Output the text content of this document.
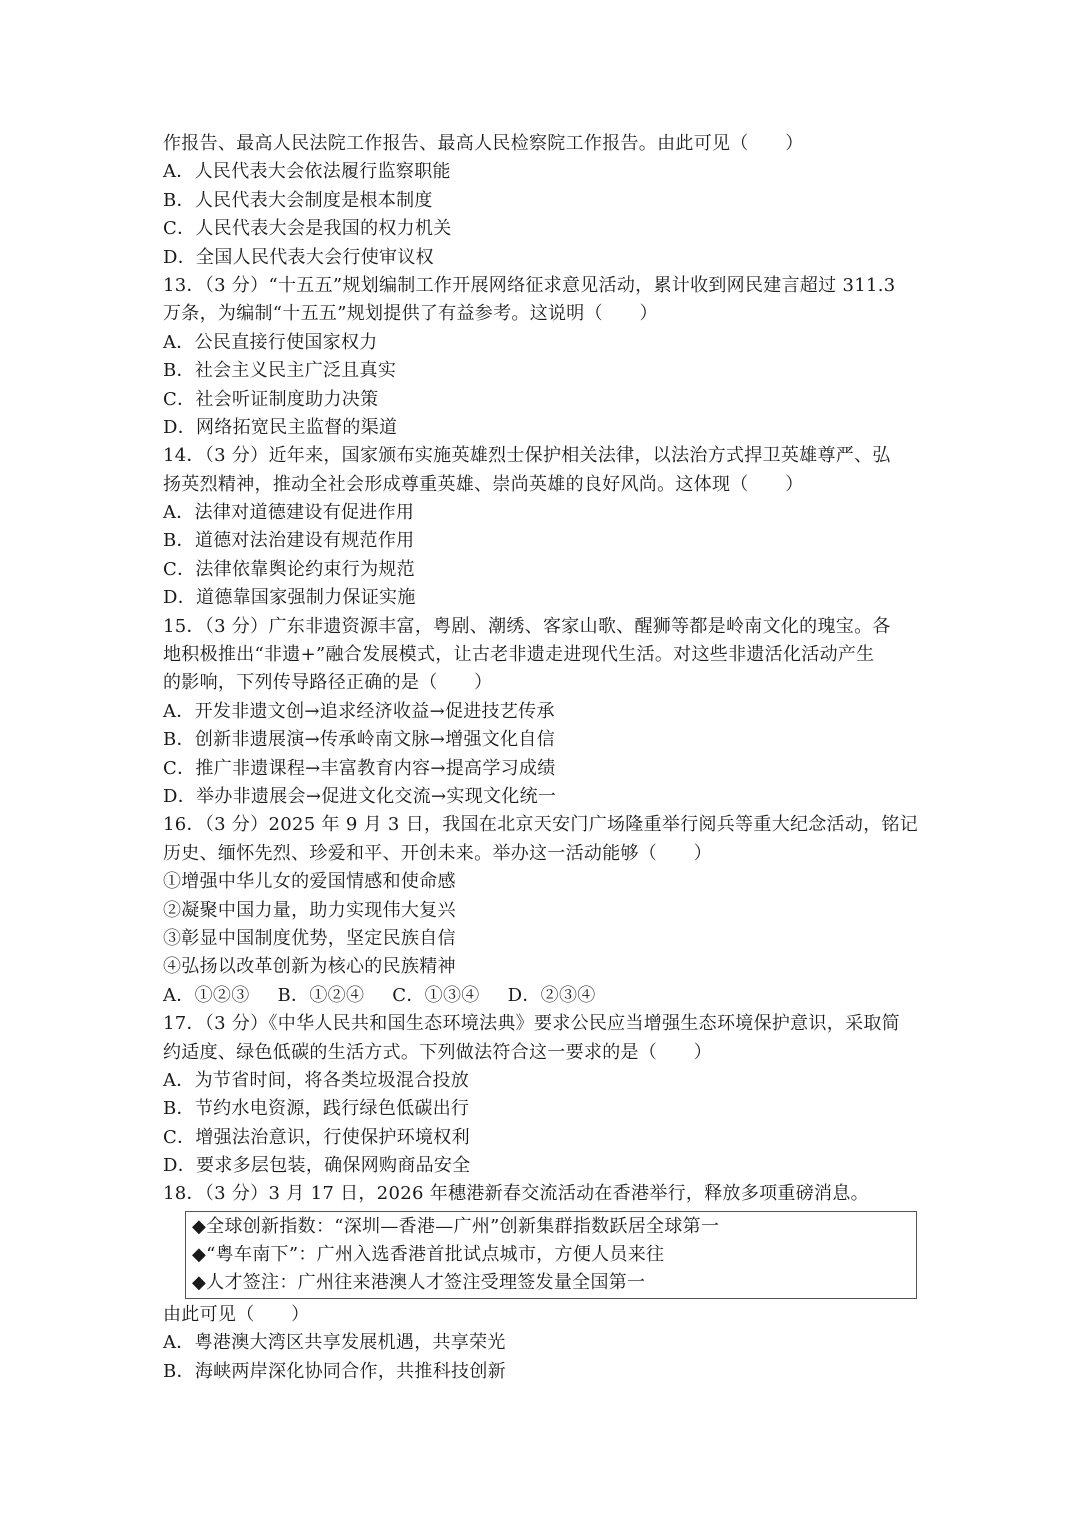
作报告、最高人民法院工作报告、最高人民检察院工作报告。由此可见（　　）
A．人民代表大会依法履行监察职能
B．人民代表大会制度是根本制度
C．人民代表大会是我国的权力机关
D．全国人民代表大会行使审议权
13．（3 分）“十五五”规划编制工作开展网络征求意见活动，累计收到网民建言超过 311.3
万条，为编制“十五五”规划提供了有益参考。这说明（　　）
A．公民直接行使国家权力
B．社会主义民主广泛且真实
C．社会听证制度助力决策
D．网络拓宽民主监督的渠道
14．（3 分）近年来，国家颁布实施英雄烈士保护相关法律，以法治方式捍卫英雄尊严、弘
扬英烈精神，推动全社会形成尊重英雄、崇尚英雄的良好风尚。这体现（　　）
A．法律对道德建设有促进作用
B．道德对法治建设有规范作用
C．法律依靠舆论约束行为规范
D．道德靠国家强制力保证实施
15．（3 分）广东非遗资源丰富，粤剧、潮绣、客家山歌、醒狮等都是岭南文化的瑰宝。各
地积极推出“非遗+”融合发展模式，让古老非遗走进现代生活。对这些非遗活化活动产生
的影响，下列传导路径正确的是（　　）
A．开发非遗文创→追求经济收益→促进技艺传承
B．创新非遗展演→传承岭南文脉→增强文化自信
C．推广非遗课程→丰富教育内容→提高学习成绩
D．举办非遗展会→促进文化交流→实现文化统一
16．（3 分）2025 年 9 月 3 日，我国在北京天安门广场隆重举行阅兵等重大纪念活动，铭记
历史、缅怀先烈、珍爱和平、开创未来。举办这一活动能够（　　）
①增强中华儿女的爱国情感和使命感
②凝聚中国力量，助力实现伟大复兴
③彰显中国制度优势，坚定民族自信
④弘扬以改革创新为核心的民族精神
A．①②③ B．①②④ C．①③④ D．②③④
17．（3 分）《中华人民共和国生态环境法典》要求公民应当增强生态环境保护意识，采取简
约适度、绿色低碳的生活方式。下列做法符合这一要求的是（　　）
A．为节省时间，将各类垃圾混合投放
B．节约水电资源，践行绿色低碳出行
C．增强法治意识，行使保护环境权利
D．要求多层包装，确保网购商品安全
18．（3 分）3 月 17 日，2026 年穗港新春交流活动在香港举行，释放多项重磅消息。
◆全球创新指数：“深圳—香港—广州”创新集群指数跃居全球第一
◆“粤车南下”：广州入选香港首批试点城市，方便人员来往
◆人才签注：广州往来港澳人才签注受理签发量全国第一
由此可见（　　）
A．粤港澳大湾区共享发展机遇，共享荣光
B．海峡两岸深化协同合作，共推科技创新
